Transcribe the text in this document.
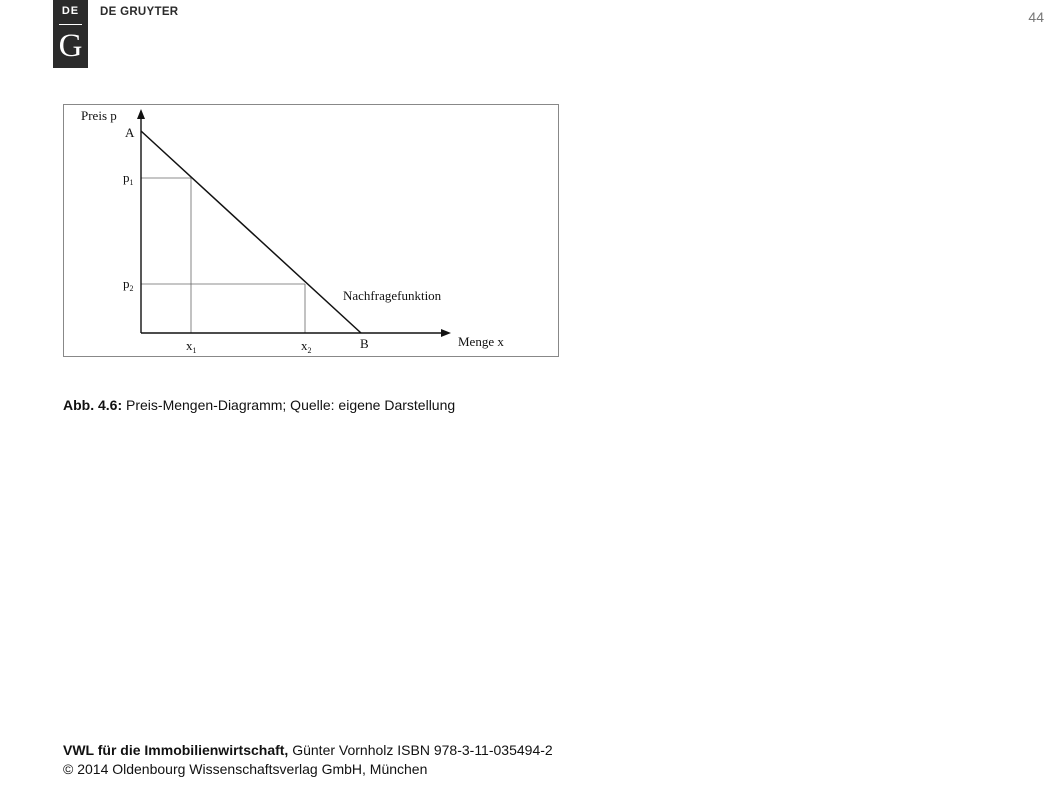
DE
G
DE GRUYTER	44
Preis p
A
$p_1$
$p_2$
$x_1$	$x_2$	B	Menge x
Nachfragefunktion
Abb. 4.6: Preis-Mengen-Diagramm; Quelle: eigene Darstellung
VWL für die Immobilienwirtschaft, Günter Vornholz ISBN 978-3-11-035494-2
© 2014 Oldenbourg Wissenschaftsverlag GmbH, München
